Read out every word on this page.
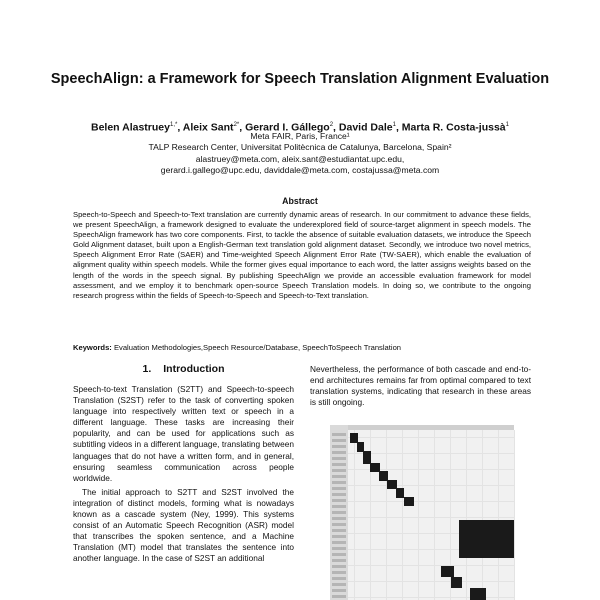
SpeechAlign: a Framework for Speech Translation Alignment Evaluation
Belen Alastruey$^{1,*}$, Aleix Sant$^{2*}$, Gerard I. Gállego$^2$, David Dale$^1$, Marta R. Costa-jussà$^1$
Meta FAIR, Paris, France¹
TALP Research Center, Universitat Politècnica de Catalunya, Barcelona, Spain²
alastruey@meta.com, aleix.sant@estudiantat.upc.edu,
gerard.i.gallego@upc.edu, daviddale@meta.com, costajussa@meta.com
Abstract
Speech-to-Speech and Speech-to-Text translation are currently dynamic areas of research. In our commitment to advance these fields, we present SpeechAlign, a framework designed to evaluate the underexplored field of source-target alignment in speech models. The SpeechAlign framework has two core components. First, to tackle the absence of suitable evaluation datasets, we introduce the Speech Gold Alignment dataset, built upon a English-German text translation gold alignment dataset. Secondly, we introduce two novel metrics, Speech Alignment Error Rate (SAER) and Time-weighted Speech Alignment Error Rate (TW-SAER), which enable the evaluation of alignment quality within speech models. While the former gives equal importance to each word, the latter assigns weights based on the length of the words in the speech signal. By publishing SpeechAlign we provide an accessible evaluation framework for model assessment, and we employ it to benchmark open-source Speech Translation models. In doing so, we contribute to the ongoing research progress within the fields of Speech-to-Speech and Speech-to-Text translation.
Keywords: Evaluation Methodologies,Speech Resource/Database, SpeechToSpeech Translation
1. Introduction

Speech-to-text Translation (S2TT) and Speech-to-speech Translation (S2ST) refer to the task of converting spoken language into respectively written text or speech in a different language. These tasks are increasing their popularity, and can be used for applications such as subtitling videos in a different language, translating between languages that do not have a written form, and in general, ensuring seamless communication across people worldwide.

The initial approach to S2TT and S2ST involved the integration of distinct models, forming what is nowadays known as a cascade system (Ney, 1999). This systems consist of an Automatic Speech Recognition (ASR) model that transcribes the spoken sentence, and a Machine Translation (MT) model that translates the sentence into another language. In the case of S2ST an additional

Nevertheless, the performance of both cascade and end-to-end architectures remains far from optimal compared to text translation systems, indicating that research in these areas is still ongoing.
